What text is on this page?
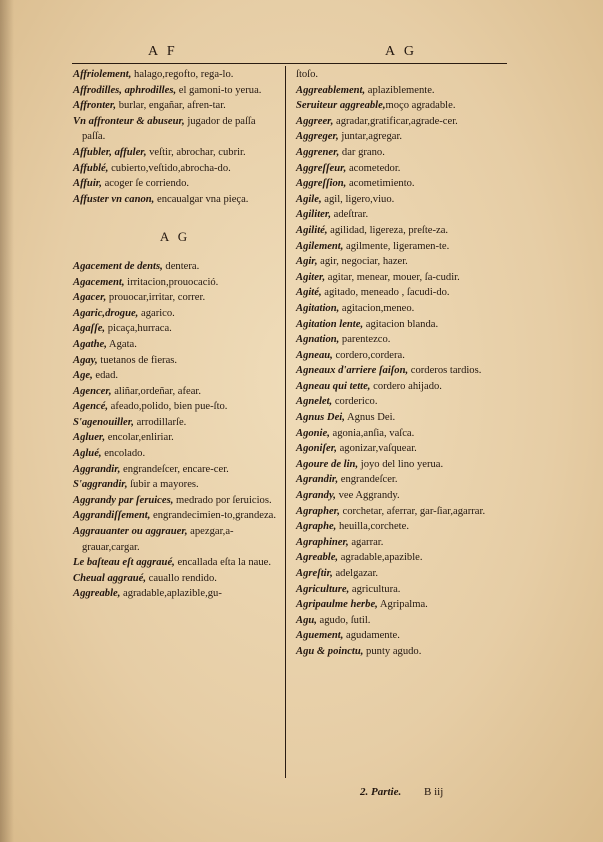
A F	A G

Affriolement, halago,regofto, rega-lo.

Affrodilles, aphrodilles, el gamoni-to yerua.

Affronter, burlar, engañar, afren-tar.

Vn affronteur & abuseur, jugador de paſſa paſſa.

Affubler, affuler, veſtir, abrochar, cubrir.

Affublé, cubierto,veſtido,abrocha-do.

Affuir, acoger ſe corriendo.

Affuster vn canon, encaualgar vna pieça.

A G

Agacement de dents, dentera.

Agacement, irritacion,prouocació.

Agacer, prouocar,irritar, correr.

Agaric,drogue, agarico.

Agaſſe, picaça,hurraca.

Agathe, Agata.

Agay, tuetanos de fieras.

Age, edad.

Agencer, aliñar,ordeñar, afear.

Agencé, afeado,polido, bien pue-ſto.

S'agenouiller, arrodillarſe.

Agluer, encolar,enliriar.

Aglué, encolado.

Aggrandir, engrandeſcer, encare-cer.

S'aggrandir, ſubir a mayores.

Aggrandy par ſeruices, medrado por ſeruicios.

Aggrandiſſement, engrandecimien-to,grandeza.

Aggrauanter ou aggrauer, apezgar,a-grauar,cargar.

Le baſteau eſt aggraué, encallada eſta la naue.

Cheual aggraué, cauallo rendido.

Aggreable, agradable,aplazible,gu-

ſtoſo.

Aggreablement, aplaziblemente.

Seruiteur aggreable,moço agradable.

Aggreer, agradar,gratificar,agrade-cer.

Aggreger, juntar,agregar.

Aggrener, dar grano.

Aggreſſeur, acometedor.

Aggreſſion, acometimiento.

Agile, agil, ligero,viuo.

Agiliter, adeſtrar.

Agilité, agilidad, ligereza, preſte-za.

Agilement, agilmente, ligeramen-te.

Agir, agir, negociar, hazer.

Agiter, agitar, menear, mouer, ſa-cudir.

Agité, agitado, meneado , ſacudi-do.

Agitation, agitacion,meneo.

Agitation lente, agitacion blanda.

Agnation, parentezco.

Agneau, cordero,cordera.

Agneaux d'arriere ſaiſon, corderos tardios.

Agneau qui tette, cordero ahijado.

Agnelet, corderico.

Agnus Dei, Agnus Dei.

Agonie, agonia,anſia, vaſca.

Agoniſer, agonizar,vaſquear.

Agoure de lin, joyo del lino yerua.

Agrandir, engrandeſcer.

Agrandy, vee Aggrandy.

Agrapher, corchetar, aferrar, gar-ſiar,agarrar.

Agraphe, heuilla,corchete.

Agraphiner, agarrar.

Agreable, agradable,apazible.

Agreſtir, adelgazar.

Agriculture, agricultura.

Agripaulme herbe, Agripalma.

Agu, agudo, ſutil.

Aguement, agudamente.

Agu & poinctu, punty agudo.

2. Partie. B iij
